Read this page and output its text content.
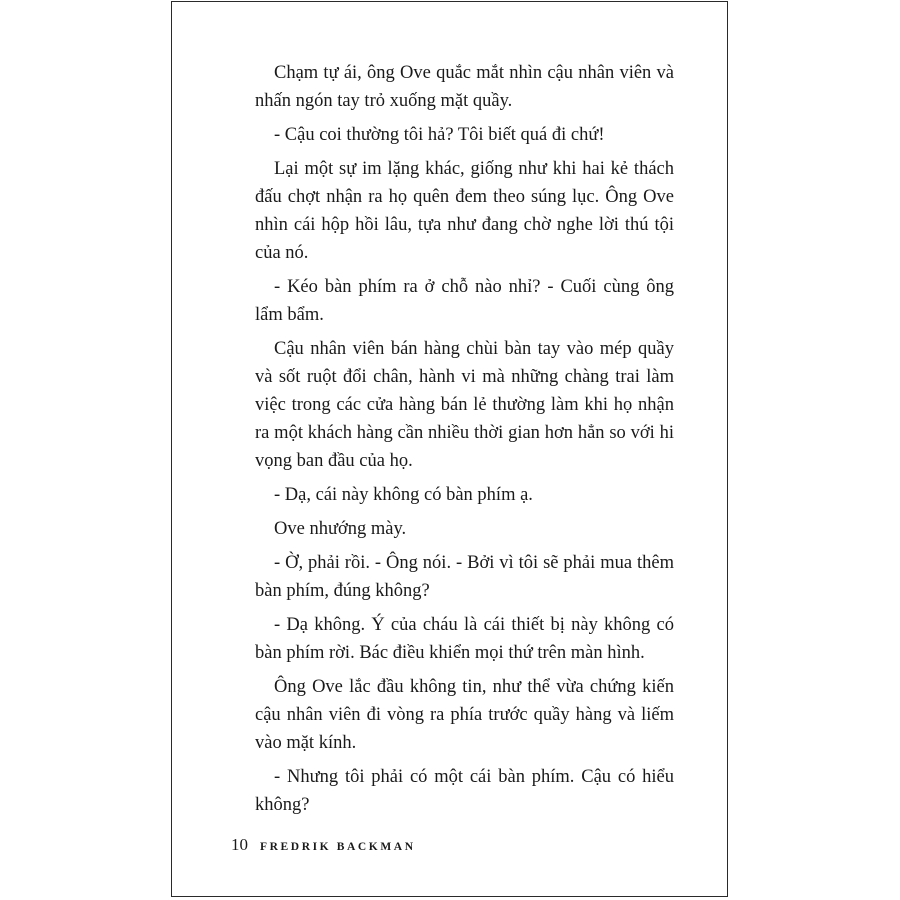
Chạm tự ái, ông Ove quắc mắt nhìn cậu nhân viên và nhấn ngón tay trỏ xuống mặt quầy.

- Cậu coi thường tôi hả? Tôi biết quá đi chứ!

Lại một sự im lặng khác, giống như khi hai kẻ thách đấu chợt nhận ra họ quên đem theo súng lục. Ông Ove nhìn cái hộp hồi lâu, tựa như đang chờ nghe lời thú tội của nó.

- Kéo bàn phím ra ở chỗ nào nhỉ? - Cuối cùng ông lẩm bẩm.

Cậu nhân viên bán hàng chùi bàn tay vào mép quầy và sốt ruột đổi chân, hành vi mà những chàng trai làm việc trong các cửa hàng bán lẻ thường làm khi họ nhận ra một khách hàng cần nhiều thời gian hơn hẳn so với hi vọng ban đầu của họ.

- Dạ, cái này không có bàn phím ạ.

Ove nhướng mày.

- Ờ, phải rồi. - Ông nói. - Bởi vì tôi sẽ phải mua thêm bàn phím, đúng không?

- Dạ không. Ý của cháu là cái thiết bị này không có bàn phím rời. Bác điều khiển mọi thứ trên màn hình.

Ông Ove lắc đầu không tin, như thể vừa chứng kiến cậu nhân viên đi vòng ra phía trước quầy hàng và liếm vào mặt kính.

- Nhưng tôi phải có một cái bàn phím. Cậu có hiểu không?

10 FREDRIK BACKMAN
